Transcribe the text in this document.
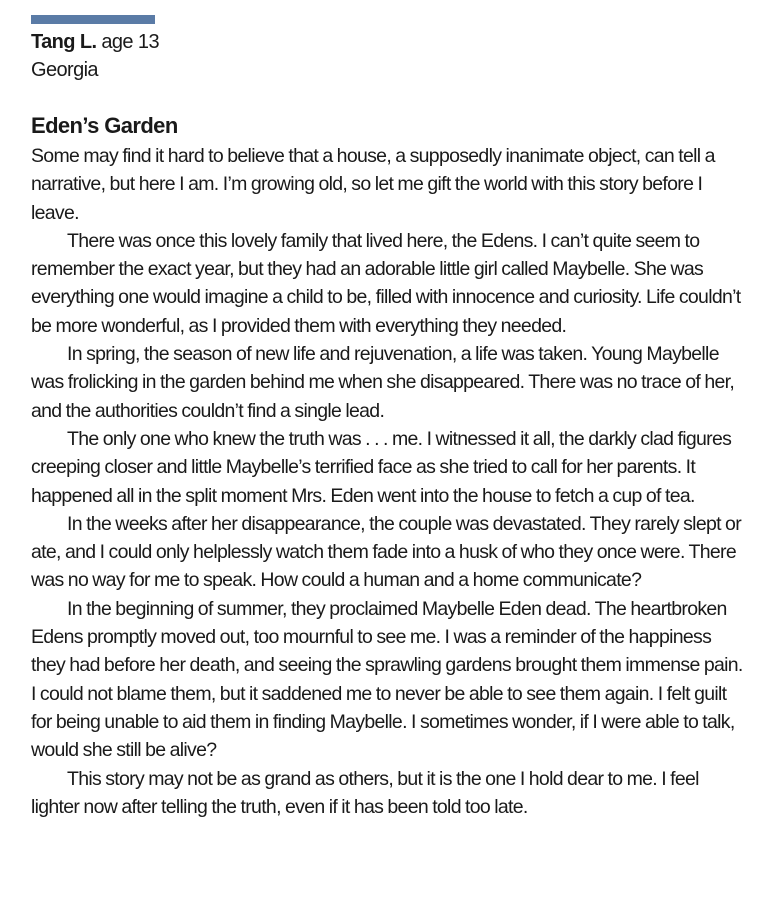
Tang L. age 13
Georgia
Eden’s Garden

Some may find it hard to believe that a house, a supposedly inanimate object, can tell a narrative, but here I am. I’m growing old, so let me gift the world with this story before I leave.

There was once this lovely family that lived here, the Edens. I can’t quite seem to remember the exact year, but they had an adorable little girl called Maybelle. She was everything one would imagine a child to be, filled with innocence and curiosity. Life couldn’t be more wonderful, as I provided them with everything they needed.

In spring, the season of new life and rejuvenation, a life was taken. Young Maybelle was frolicking in the garden behind me when she disappeared. There was no trace of her, and the authorities couldn’t find a single lead.

The only one who knew the truth was . . . me. I witnessed it all, the darkly clad figures creeping closer and little Maybelle’s terrified face as she tried to call for her parents. It happened all in the split moment Mrs. Eden went into the house to fetch a cup of tea.

In the weeks after her disappearance, the couple was devastated. They rarely slept or ate, and I could only helplessly watch them fade into a husk of who they once were. There was no way for me to speak. How could a human and a home communicate?

In the beginning of summer, they proclaimed Maybelle Eden dead. The heartbroken Edens promptly moved out, too mournful to see me. I was a reminder of the happiness they had before her death, and seeing the sprawling gardens brought them immense pain. I could not blame them, but it saddened me to never be able to see them again. I felt guilt for being unable to aid them in finding Maybelle. I sometimes wonder, if I were able to talk, would she still be alive?

This story may not be as grand as others, but it is the one I hold dear to me. I feel lighter now after telling the truth, even if it has been told too late.
